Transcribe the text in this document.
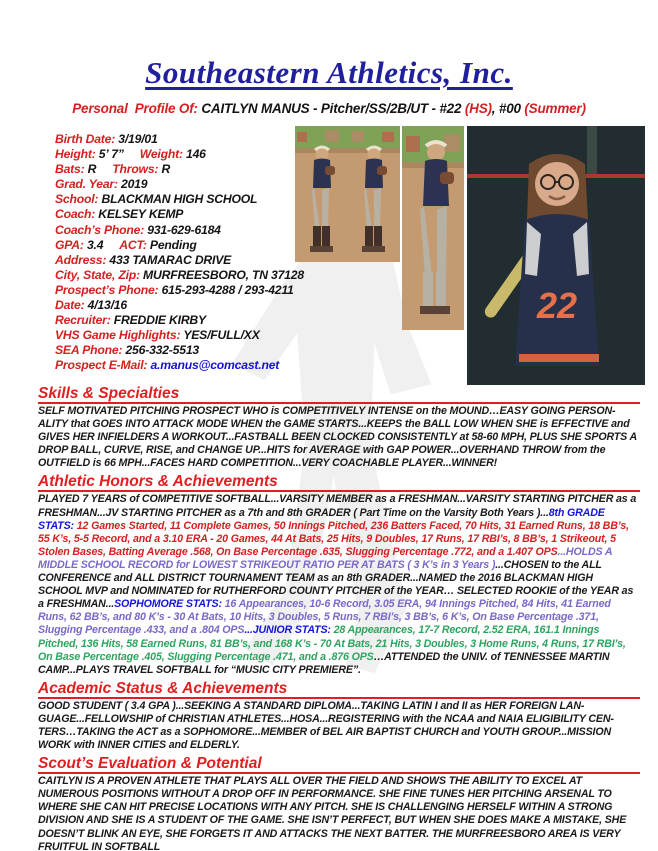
Southeastern Athletics, Inc.
Personal  Profile Of: CAITLYN MANUS - Pitcher/SS/2B/UT - #22 (HS), #00 (Summer)
Birth Date: 3/19/01
Height: 5’ 7” Weight: 146
Bats: R Throws: R
Grad. Year: 2019
School: BLACKMAN HIGH SCHOOL
Coach: KELSEY KEMP
Coach’s Phone: 931-629-6184
GPA: 3.4 ACT: Pending
Address: 433 TAMARAC DRIVE
City, State, Zip: MURFREESBORO, TN 37128
Prospect’s Phone: 615-293-4288 / 293-4211
Date: 4/13/16
Recruiter: FREDDIE KIRBY
VHS Game Highlights: YES/FULL/XX
SEA Phone: 256-332-5513
Prospect E-Mail: a.manus@comcast.net
22
Skills & Specialties

SELF MOTIVATED PITCHING PROSPECT WHO is COMPETITIVELY INTENSE on the MOUND…EASY GOING PERSON-ALITY that GOES INTO ATTACK MODE WHEN the GAME STARTS...KEEPS the BALL LOW WHEN SHE is EFFECTIVE and GIVES HER INFIELDERS A WORKOUT...FASTBALL BEEN CLOCKED CONSISTENTLY at 58-60 MPH, PLUS SHE SPORTS A DROP BALL, CURVE, RISE, and CHANGE UP...HITS for AVERAGE with GAP POWER...OVERHAND THROW from the OUTFIELD is 66 MPH...FACES HARD COMPETITION...VERY COACHABLE PLAYER...WINNER!

Athletic Honors & Achievements

PLAYED 7 YEARS of COMPETITIVE SOFTBALL...VARSITY MEMBER as a FRESHMAN...VARSITY STARTING PITCHER as a FRESHMAN...JV STARTING PITCHER as a 7th and 8th GRADER ( Part Time on the Varsity Both Years )...8th GRADE STATS: 12 Games Started, 11 Complete Games, 50 Innings Pitched, 236 Batters Faced, 70 Hits, 31 Earned Runs, 18 BB’s, 55 K’s, 5-5 Record, and a 3.10 ERA - 20 Games, 44 At Bats, 25 Hits, 9 Doubles, 17 Runs, 17 RBI’s, 8 BB’s, 1 Strikeout, 5 Stolen Bases, Batting Average .568, On Base Percentage .635, Slugging Percentage .772, and a 1.407 OPS...HOLDS A MIDDLE SCHOOL RECORD for LOWEST STRIKEOUT RATIO PER AT BATS ( 3 K’s in 3 Years )...CHOSEN to the ALL CONFERENCE and ALL DISTRICT TOURNAMENT TEAM as an 8th GRADER...NAMED the 2016 BLACKMAN HIGH SCHOOL MVP and NOMINATED for RUTHERFORD COUNTY PITCHER of the YEAR… SELECTED ROOKIE of the YEAR as a FRESHMAN...SOPHOMORE STATS: 16 Appearances, 10-6 Record, 3.05 ERA, 94 Innings Pitched, 84 Hits, 41 Earned Runs, 62 BB’s, and 80 K’s - 30 At Bats, 10 Hits, 3 Doubles, 5 Runs, 7 RBI’s, 3 BB’s, 6 K’s, On Base Percentage .371, Slugging Percentage .433, and a .804 OPS...JUNIOR STATS: 28 Appearances, 17-7 Record, 2.52 ERA, 161.1 Innings Pitched, 136 Hits, 58 Earned Runs, 81 BB’s, and 168 K’s - 70 At Bats, 21 Hits, 3 Doubles, 3 Home Runs, 4 Runs, 17 RBI’s, On Base Percentage .405, Slugging Percentage .471, and a .876 OPS…ATTENDED the UNIV. of TENNESSEE MARTIN CAMP...PLAYS TRAVEL SOFTBALL for “MUSIC CITY PREMIERE”.

Academic Status & Achievements

GOOD STUDENT ( 3.4 GPA )...SEEKING A STANDARD DIPLOMA...TAKING LATIN I and II as HER FOREIGN LAN-GUAGE...FELLOWSHIP of CHRISTIAN ATHLETES...HOSA...REGISTERING with the NCAA and NAIA ELIGIBILITY CEN-TERS…TAKING the ACT as a SOPHOMORE...MEMBER of BEL AIR BAPTIST CHURCH and YOUTH GROUP...MISSION WORK with INNER CITIES and ELDERLY.

Scout’s Evaluation & Potential

CAITLYN IS A PROVEN ATHLETE THAT PLAYS ALL OVER THE FIELD AND SHOWS THE ABILITY TO EXCEL AT NUMEROUS POSITIONS WITHOUT A DROP OFF IN PERFORMANCE. SHE FINE TUNES HER PITCHING ARSENAL TO WHERE SHE CAN HIT PRECISE LOCATIONS WITH ANY PITCH. SHE IS CHALLENGING HERSELF WITHIN A STRONG DIVISION AND SHE IS A STUDENT OF THE GAME. SHE ISN’T PERFECT, BUT WHEN SHE DOES MAKE A MISTAKE, SHE DOESN’T BLINK AN EYE, SHE FORGETS IT AND ATTACKS THE NEXT BATTER. THE MURFREESBORO AREA IS VERY FRUITFUL IN SOFTBALL
